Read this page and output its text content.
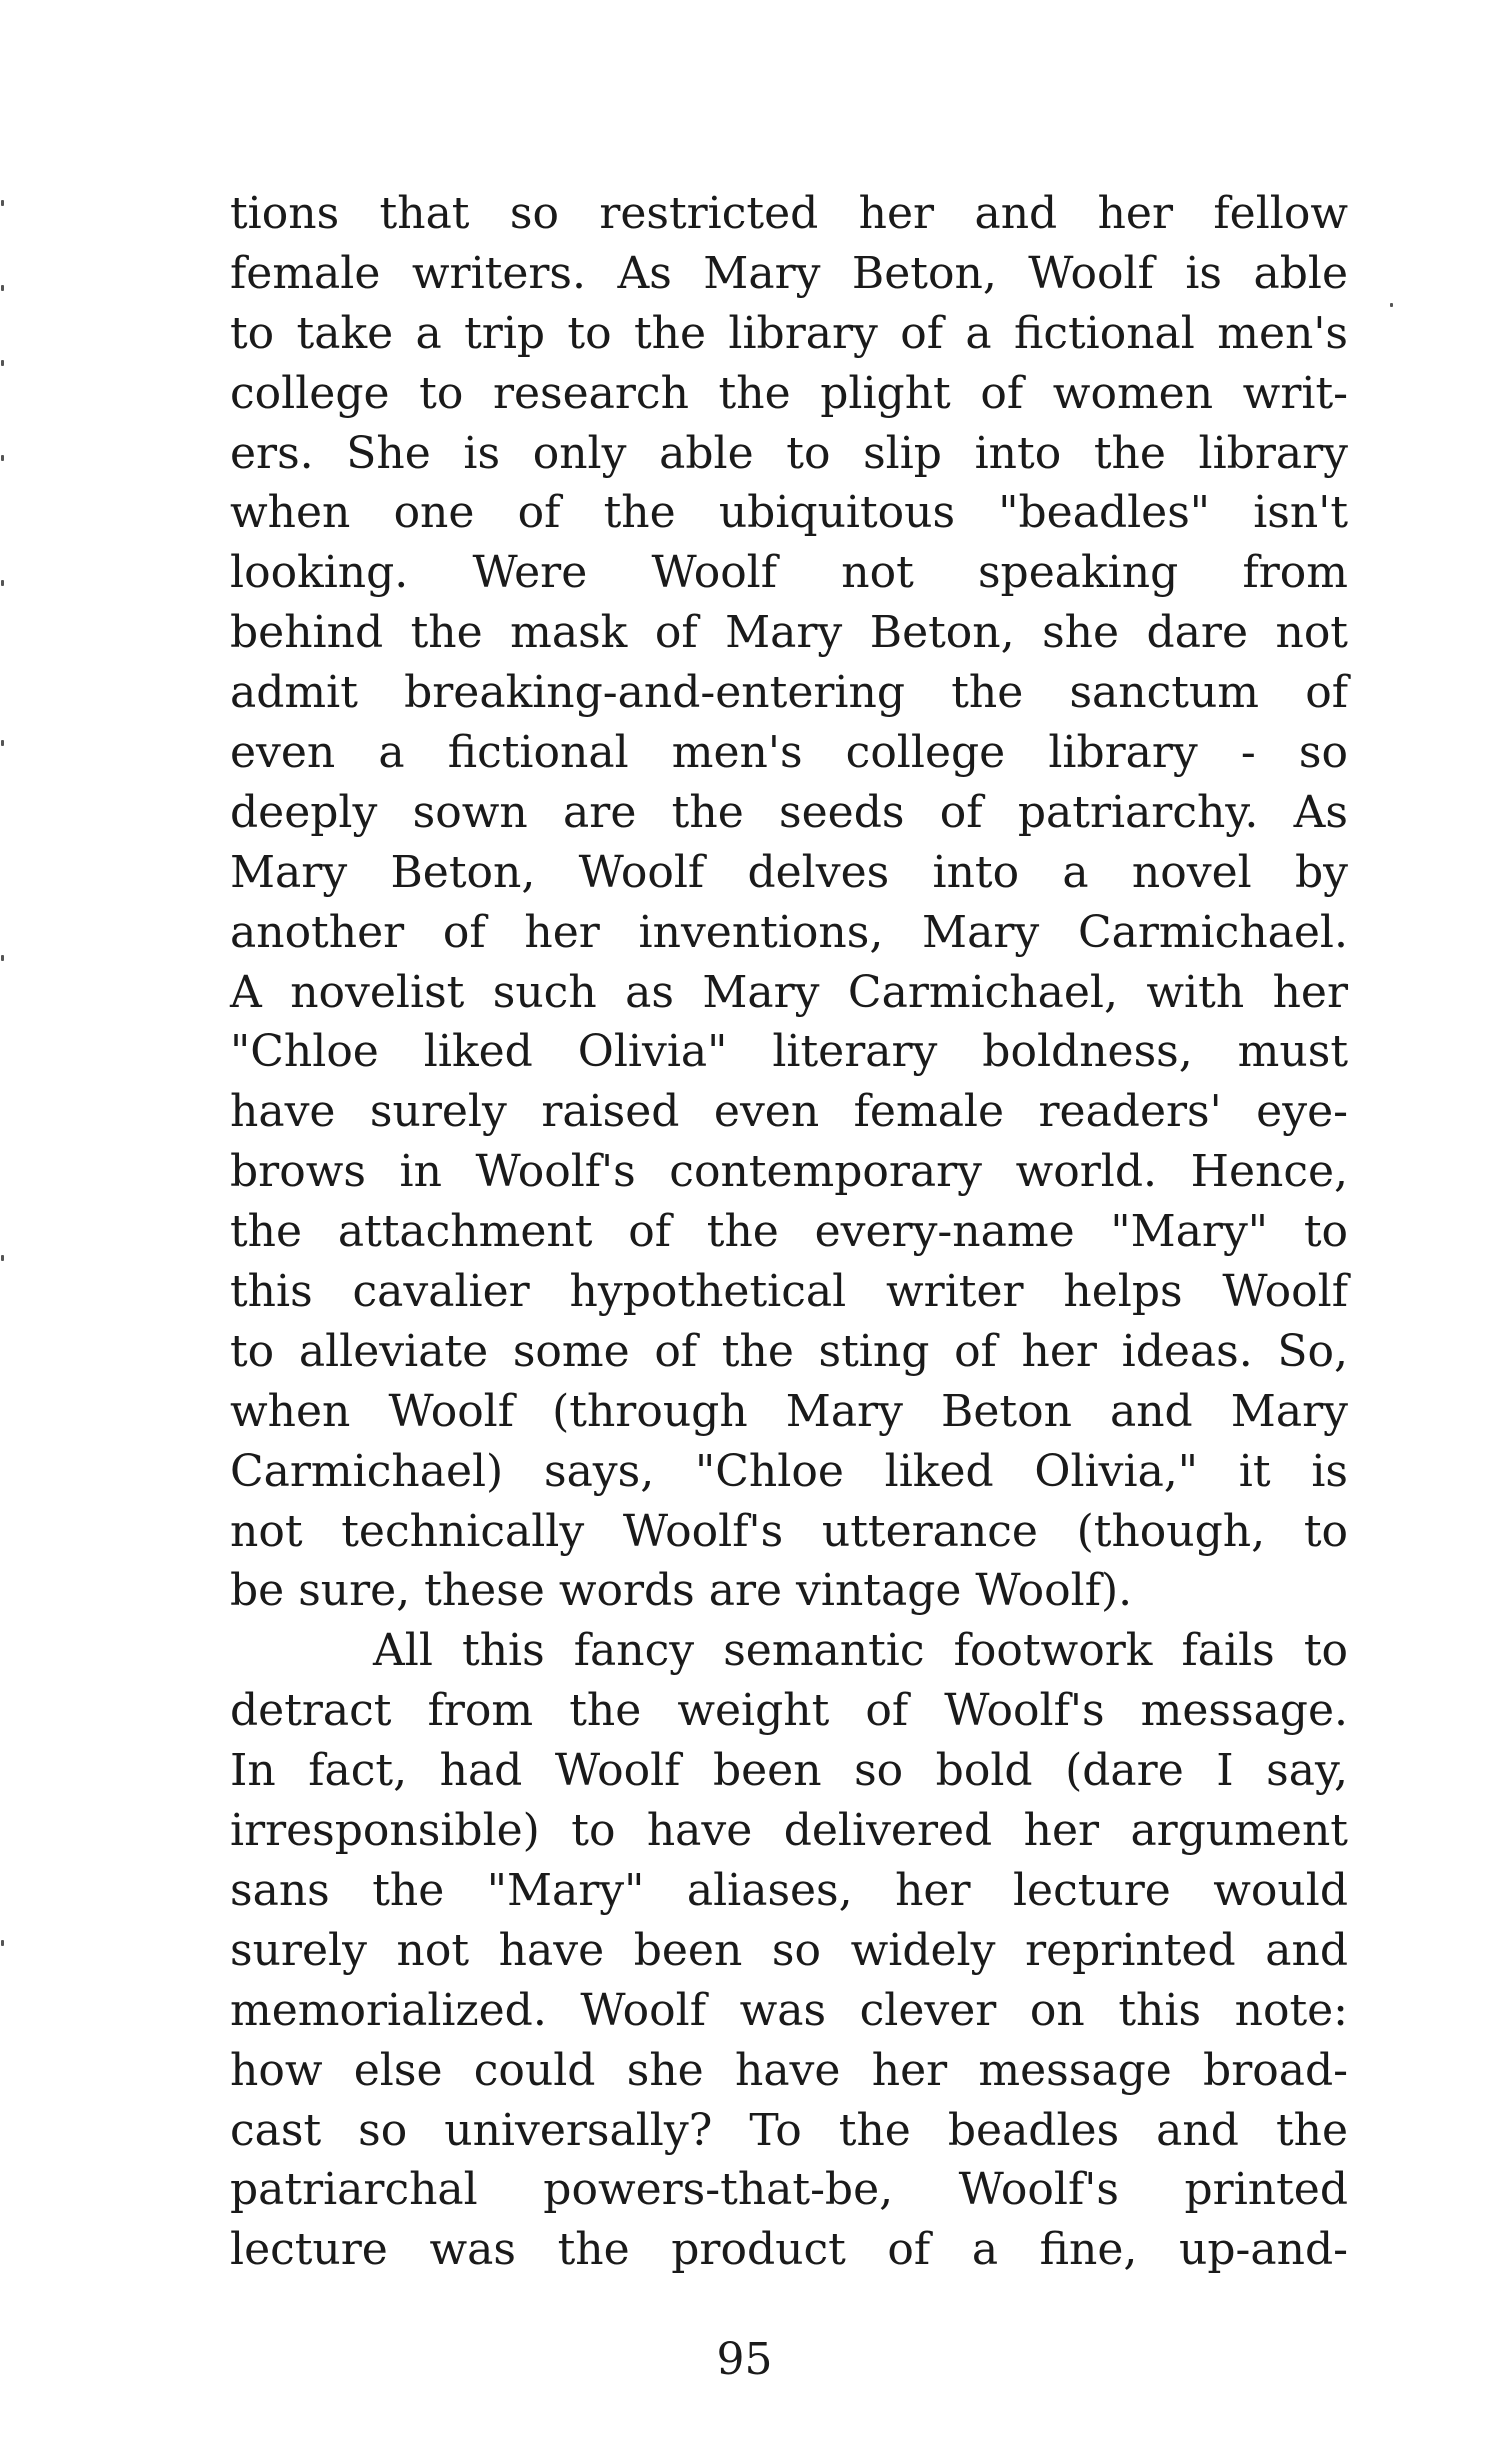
tions that so restricted her and her fellow
female writers. As Mary Beton, Woolf is able
to take a trip to the library of a fictional men's
college to research the plight of women writ-
ers. She is only able to slip into the library
when one of the ubiquitous "beadles" isn't
looking. Were Woolf not speaking from
behind the mask of Mary Beton, she dare not
admit breaking-and-entering the sanctum of
even a fictional men's college library - so
deeply sown are the seeds of patriarchy. As
Mary Beton, Woolf delves into a novel by
another of her inventions, Mary Carmichael.
A novelist such as Mary Carmichael, with her
"Chloe liked Olivia" literary boldness, must
have surely raised even female readers' eye-
brows in Woolf's contemporary world. Hence,
the attachment of the every-name "Mary" to
this cavalier hypothetical writer helps Woolf
to alleviate some of the sting of her ideas. So,
when Woolf (through Mary Beton and Mary
Carmichael) says, "Chloe liked Olivia," it is
not technically Woolf's utterance (though, to
be sure, these words are vintage Woolf).
All this fancy semantic footwork fails to
detract from the weight of Woolf's message.
In fact, had Woolf been so bold (dare I say,
irresponsible) to have delivered her argument
sans the "Mary" aliases, her lecture would
surely not have been so widely reprinted and
memorialized. Woolf was clever on this note:
how else could she have her message broad-
cast so universally? To the beadles and the
patriarchal powers-that-be, Woolf's printed
lecture was the product of a fine, up-and-
95
